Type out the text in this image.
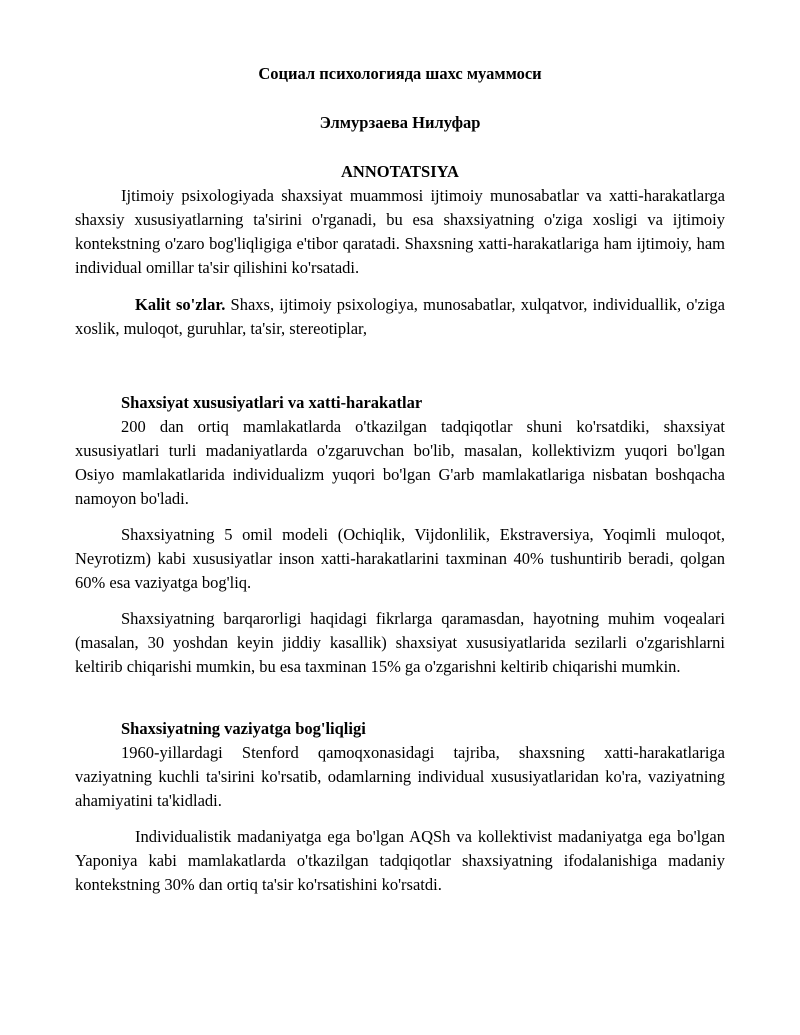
Социал психологияда шахс муаммоси
Элмурзаева Нилуфар
ANNOTATSIYA

Ijtimoiy psixologiyada shaxsiyat muammosi ijtimoiy munosabatlar va xatti-harakatlarga shaxsiy xususiyatlarning ta'sirini o'rganadi, bu esa shaxsiyatning o'ziga xosligi va ijtimoiy kontekstning o'zaro bog'liqligiga e'tibor qaratadi. Shaxsning xatti-harakatlariga ham ijtimoiy, ham individual omillar ta'sir qilishini ko'rsatadi.

Kalit so'zlar. Shaxs, ijtimoiy psixologiya, munosabatlar, xulqatvor, individuallik, o'ziga xoslik, muloqot, guruhlar, ta'sir, stereotiplar,

Shaxsiyat xususiyatlari va xatti-harakatlar

200 dan ortiq mamlakatlarda o'tkazilgan tadqiqotlar shuni ko'rsatdiki, shaxsiyat xususiyatlari turli madaniyatlarda o'zgaruvchan bo'lib, masalan, kollektivizm yuqori bo'lgan Osiyo mamlakatlarida individualizm yuqori bo'lgan G'arb mamlakatlariga nisbatan boshqacha namoyon bo'ladi.

Shaxsiyatning 5 omil modeli (Ochiqlik, Vijdonlilik, Ekstraversiya, Yoqimli muloqot, Neyrotizm) kabi xususiyatlar inson xatti-harakatlarini taxminan 40% tushuntirib beradi, qolgan 60% esa vaziyatga bog'liq.

Shaxsiyatning barqarorligi haqidagi fikrlarga qaramasdan, hayotning muhim voqealari (masalan, 30 yoshdan keyin jiddiy kasallik) shaxsiyat xususiyatlarida sezilarli o'zgarishlarni keltirib chiqarishi mumkin, bu esa taxminan 15% ga o'zgarishni keltirib chiqarishi mumkin.

Shaxsiyatning vaziyatga bog'liqligi

1960-yillardagi Stenford qamoqxonasidagi tajriba, shaxsning xatti-harakatlariga vaziyatning kuchli ta'sirini ko'rsatib, odamlarning individual xususiyatlaridan ko'ra, vaziyatning ahamiyatini ta'kidladi.

Individualistik madaniyatga ega bo'lgan AQSh va kollektivist madaniyatga ega bo'lgan Yaponiya kabi mamlakatlarda o'tkazilgan tadqiqotlar shaxsiyatning ifodalanishiga madaniy kontekstning 30% dan ortiq ta'sir ko'rsatishini ko'rsatdi.
